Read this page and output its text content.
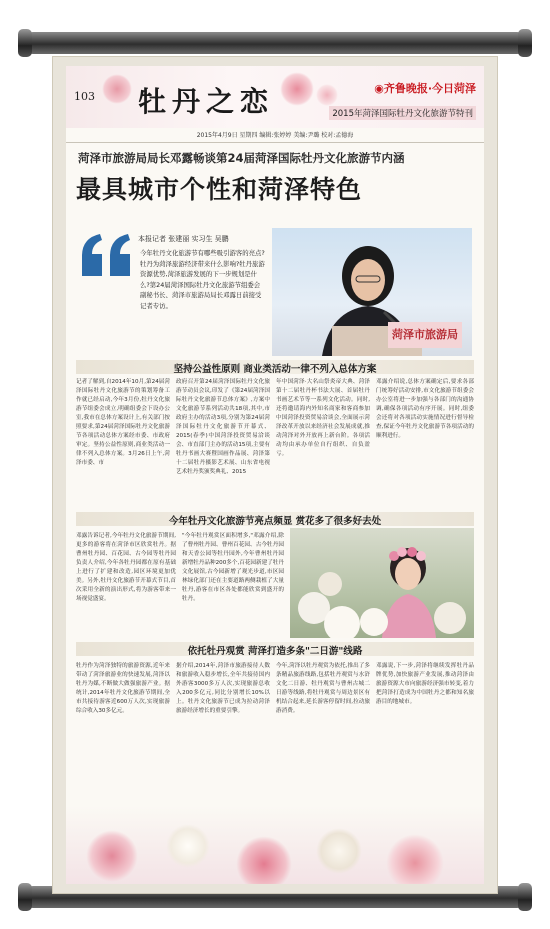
103 牡丹之恋	◉齐鲁晚报·今日菏泽
2015年菏泽国际牡丹文化旅游节特刊
2015年4月9日 星期四 编辑:张婷婷 美编:尹璐 校对:孟德海
菏泽市旅游局局长邓露畅谈第24届菏泽国际牡丹文化旅游节内涵
最具城市个性和菏泽特色
本报记者 张建丽 实习生 吴鹏
今年牡丹文化旅游节有哪些吸引游客的亮点?牡丹为菏泽旅游经济带来什么影响?牡丹旅游资源优势,菏泽旅游发展的下一步规划是什么?第24届菏泽国际牡丹文化旅游节组委会副秘书长、菏泽市旅游局局长邓露日前接受记者专访。
菏泽市旅游局
坚持公益性原则 商业类活动一律不列入总体方案
记者了解到,自2014年10月,第24届菏泽国际牡丹文化旅游节的策划筹备工作就已经启动,今年3月份,牡丹文化旅游节组委会成立,明确组委会下设办公室,我市在总体方案设计上,有关部门按照要求,第24届菏泽国际牡丹文化旅游节各项活动总体方案经市委、市政府审定。坚持公益性原则,商业类活动一律不列入总体方案。3月26日上午,菏泽市委、市
政府召开第24届菏泽国际牡丹文化旅游节动员会议,印发了《第24届菏泽国际牡丹文化旅游节总体方案》,方案中文化旅游节系列活动共18项,其中,市政府主办的活动3项,分别为第24届菏泽国际牡丹文化旅游节开幕式、2015(春季)中国菏泽投资贸易洽谈会、市直部门主办的活动15项,主要有牡丹书画大赛暨国画作品展、菏泽第十二届牡丹摄影艺术展、山东省电视艺术牡丹奖颁奖典礼、2015
年中国菏泽·大名山祭炎帝大典、菏泽第十二届牡丹杯书法大展、首届牡丹书画艺术节等一系列文化活动。同时,还将邀请海内外知名商家和客商参加中国菏泽投资贸易洽谈会,全面展示菏泽改革开放以来经济社会发展成就,推动菏泽对外开放再上新台阶。各项活动均由承办单位自行组织、自负盈亏。
邓露介绍说,总体方案确定后,要求各部门统筹好活动安排,市文化旅游节组委会办公室将进一步加强与各部门的沟通协调,确保各项活动有序开展。同时,组委会还将对各项活动实施情况进行督导检查,保证今年牡丹文化旅游节各项活动的顺利进行。
今年牡丹文化旅游节亮点频显 赏花多了很多好去处
邓露告诉记者,今年牡丹文化旅游节期间,更多的游客将在菏泽市区欣赏牡丹。据曹州牡丹园、百花园、古今园等牡丹园负责人介绍,今年各牡丹园都在原有基础上进行了扩建和改造,园区环境更加优美。另外,牡丹文化旅游节开幕式节目,首次采用全新的演出形式,将为游客带来一场视觉盛宴。
"今年牡丹观赏区面积增多,"邓露介绍,除了曹州牡丹园、曹州百花园、古今牡丹园和天香公园等牡丹园外,今年曹州牡丹园新增牡丹品种200多个,百花园新建了牡丹文化展馆,古今园新增了观光步道,市区园林绿化部门还在主要道路两侧栽植了大量牡丹,游客在市区各处都能欣赏到盛开的牡丹。
依托牡丹观赏 菏泽打造多条"二日游"线路
牡丹作为菏泽独特的旅游资源,近年来带动了菏泽旅游业的快速发展,菏泽以牡丹为媒,不断做大做强旅游产业。据统计,2014年牡丹文化旅游节期间,全市共接待游客近600万人次,实现旅游综合收入30多亿元。
据介绍,2014年,菏泽市旅游接待人数和旅游收入稳步增长,全年共接待国内外游客3000多万人次,实现旅游总收入200多亿元,同比分别增长10%以上。牡丹文化旅游节已成为拉动菏泽旅游经济增长的重要引擎。
今年,菏泽以牡丹观赏为依托,推出了多条精品旅游线路,包括牡丹观赏与水浒文化二日游、牡丹观赏与曹州古城二日游等线路,将牡丹观赏与周边景区有机结合起来,延长游客停留时间,拉动旅游消费。
邓露说,下一步,菏泽将继续发挥牡丹品牌优势,加快旅游产业发展,推动菏泽由旅游资源大市向旅游经济强市转变,着力把菏泽打造成为中国牡丹之都和知名旅游目的地城市。
